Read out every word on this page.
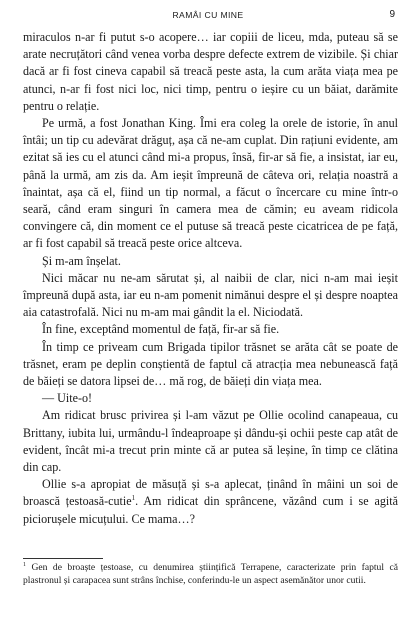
RAMÂI CU MINE	9

miraculos n-ar fi putut s-o acopere… iar copiii de liceu, mda, puteau să se arate necruțători când venea vorba despre defecte extrem de vizibile. Și chiar dacă ar fi fost cineva capabil să treacă peste asta, la cum arăta viața mea pe atunci, n-ar fi fost nici loc, nici timp, pentru o ieșire cu un băiat, darămite pentru o relație.

Pe urmă, a fost Jonathan King. Îmi era coleg la orele de istorie, în anul întâi; un tip cu adevărat drăguț, așa că ne-am cuplat. Din rațiuni evidente, am ezitat să ies cu el atunci când mi-a propus, însă, fir-ar să fie, a insistat, iar eu, până la urmă, am zis da. Am ieșit împreună de câteva ori, relația noastră a înaintat, așa că el, fiind un tip normal, a făcut o încercare cu mine într-o seară, când eram singuri în camera mea de cămin; eu aveam ridicola convingere că, din moment ce el putuse să treacă peste cicatricea de pe față, ar fi fost capabil să treacă peste orice altceva.

Și m-am înșelat.

Nici măcar nu ne-am sărutat și, al naibii de clar, nici n-am mai ieșit împreună după asta, iar eu n-am pomenit nimănui despre el și despre noaptea aia catastrofală. Nici nu m-am mai gândit la el. Niciodată.

În fine, exceptând momentul de față, fir-ar să fie.

În timp ce priveam cum Brigada tipilor trăsnet se arăta cât se poate de trăsnet, eram pe deplin conștientă de faptul că atracția mea nebunească față de băieți se datora lipsei de… mă rog, de băieți din viața mea.

— Uite-o!

Am ridicat brusc privirea și l-am văzut pe Ollie ocolind canapeaua, cu Brittany, iubita lui, urmându-l îndeaproape și dându-și ochii peste cap atât de evident, încât mi-a trecut prin minte că ar putea să leșine, în timp ce clătina din cap.

Ollie s-a apropiat de măsuță și s-a aplecat, ținând în mâini un soi de broască țestoasă-cutie$^1$. Am ridicat din sprâncene, văzând cum i se agită piciorușele micuțului. Ce mama…?

$^1$ Gen de broaște țestoase, cu denumirea științifică Terrapene, caracterizate prin faptul că plastronul și carapacea sunt strâns închise, conferindu-le un aspect asemănător unor cutii.
